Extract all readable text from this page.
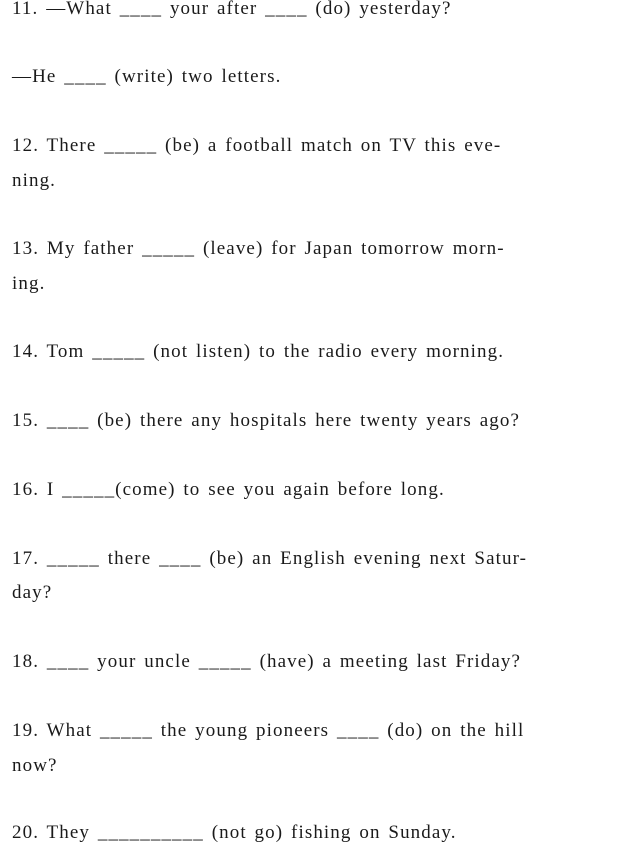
11. —What ____ your after ____ (do) yesterday?
—He ____ (write) two letters.
12. There _____ (be) a football match on TV this eve-
ning.
13. My father _____ (leave) for Japan tomorrow morn-
ing.
14. Tom _____ (not listen) to the radio every morning.
15. ____ (be) there any hospitals here twenty years ago?
16. I _____(come) to see you again before long.
17. _____ there ____ (be) an English evening next Satur-
day?
18. ____ your uncle _____ (have) a meeting last Friday?
19. What _____ the young pioneers ____ (do) on the hill
now?
20. They __________ (not go) fishing on Sunday.
